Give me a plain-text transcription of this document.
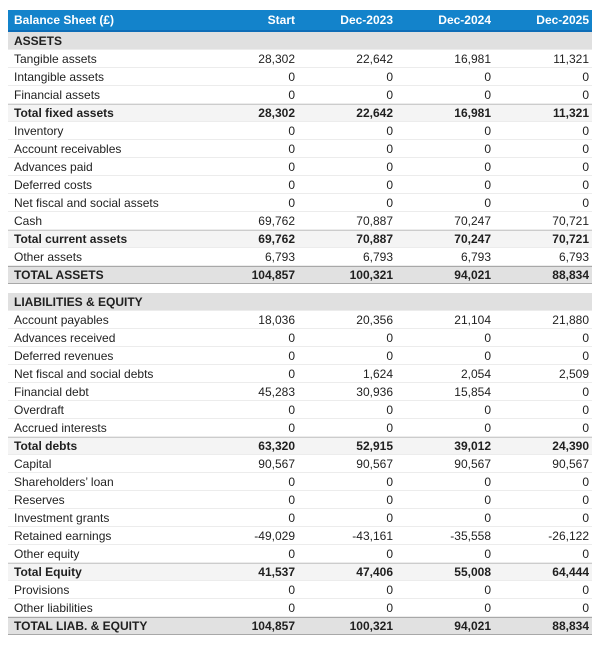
Balance Sheet (£)	Start	Dec-2023	Dec-2024	Dec-2025
ASSETS
Tangible assets	28,302	22,642	16,981	11,321
Intangible assets	0	0	0	0
Financial assets	0	0	0	0
Total fixed assets	28,302	22,642	16,981	11,321
Inventory	0	0	0	0
Account receivables	0	0	0	0
Advances paid	0	0	0	0
Deferred costs	0	0	0	0
Net fiscal and social assets	0	0	0	0
Cash	69,762	70,887	70,247	70,721
Total current assets	69,762	70,887	70,247	70,721
Other assets	6,793	6,793	6,793	6,793
TOTAL ASSETS	104,857	100,321	94,021	88,834
LIABILITIES & EQUITY
Account payables	18,036	20,356	21,104	21,880
Advances received	0	0	0	0
Deferred revenues	0	0	0	0
Net fiscal and social debts	0	1,624	2,054	2,509
Financial debt	45,283	30,936	15,854	0
Overdraft	0	0	0	0
Accrued interests	0	0	0	0
Total debts	63,320	52,915	39,012	24,390
Capital	90,567	90,567	90,567	90,567
Shareholders’ loan	0	0	0	0
Reserves	0	0	0	0
Investment grants	0	0	0	0
Retained earnings	-49,029	-43,161	-35,558	-26,122
Other equity	0	0	0	0
Total Equity	41,537	47,406	55,008	64,444
Provisions	0	0	0	0
Other liabilities	0	0	0	0
TOTAL LIAB. & EQUITY	104,857	100,321	94,021	88,834
